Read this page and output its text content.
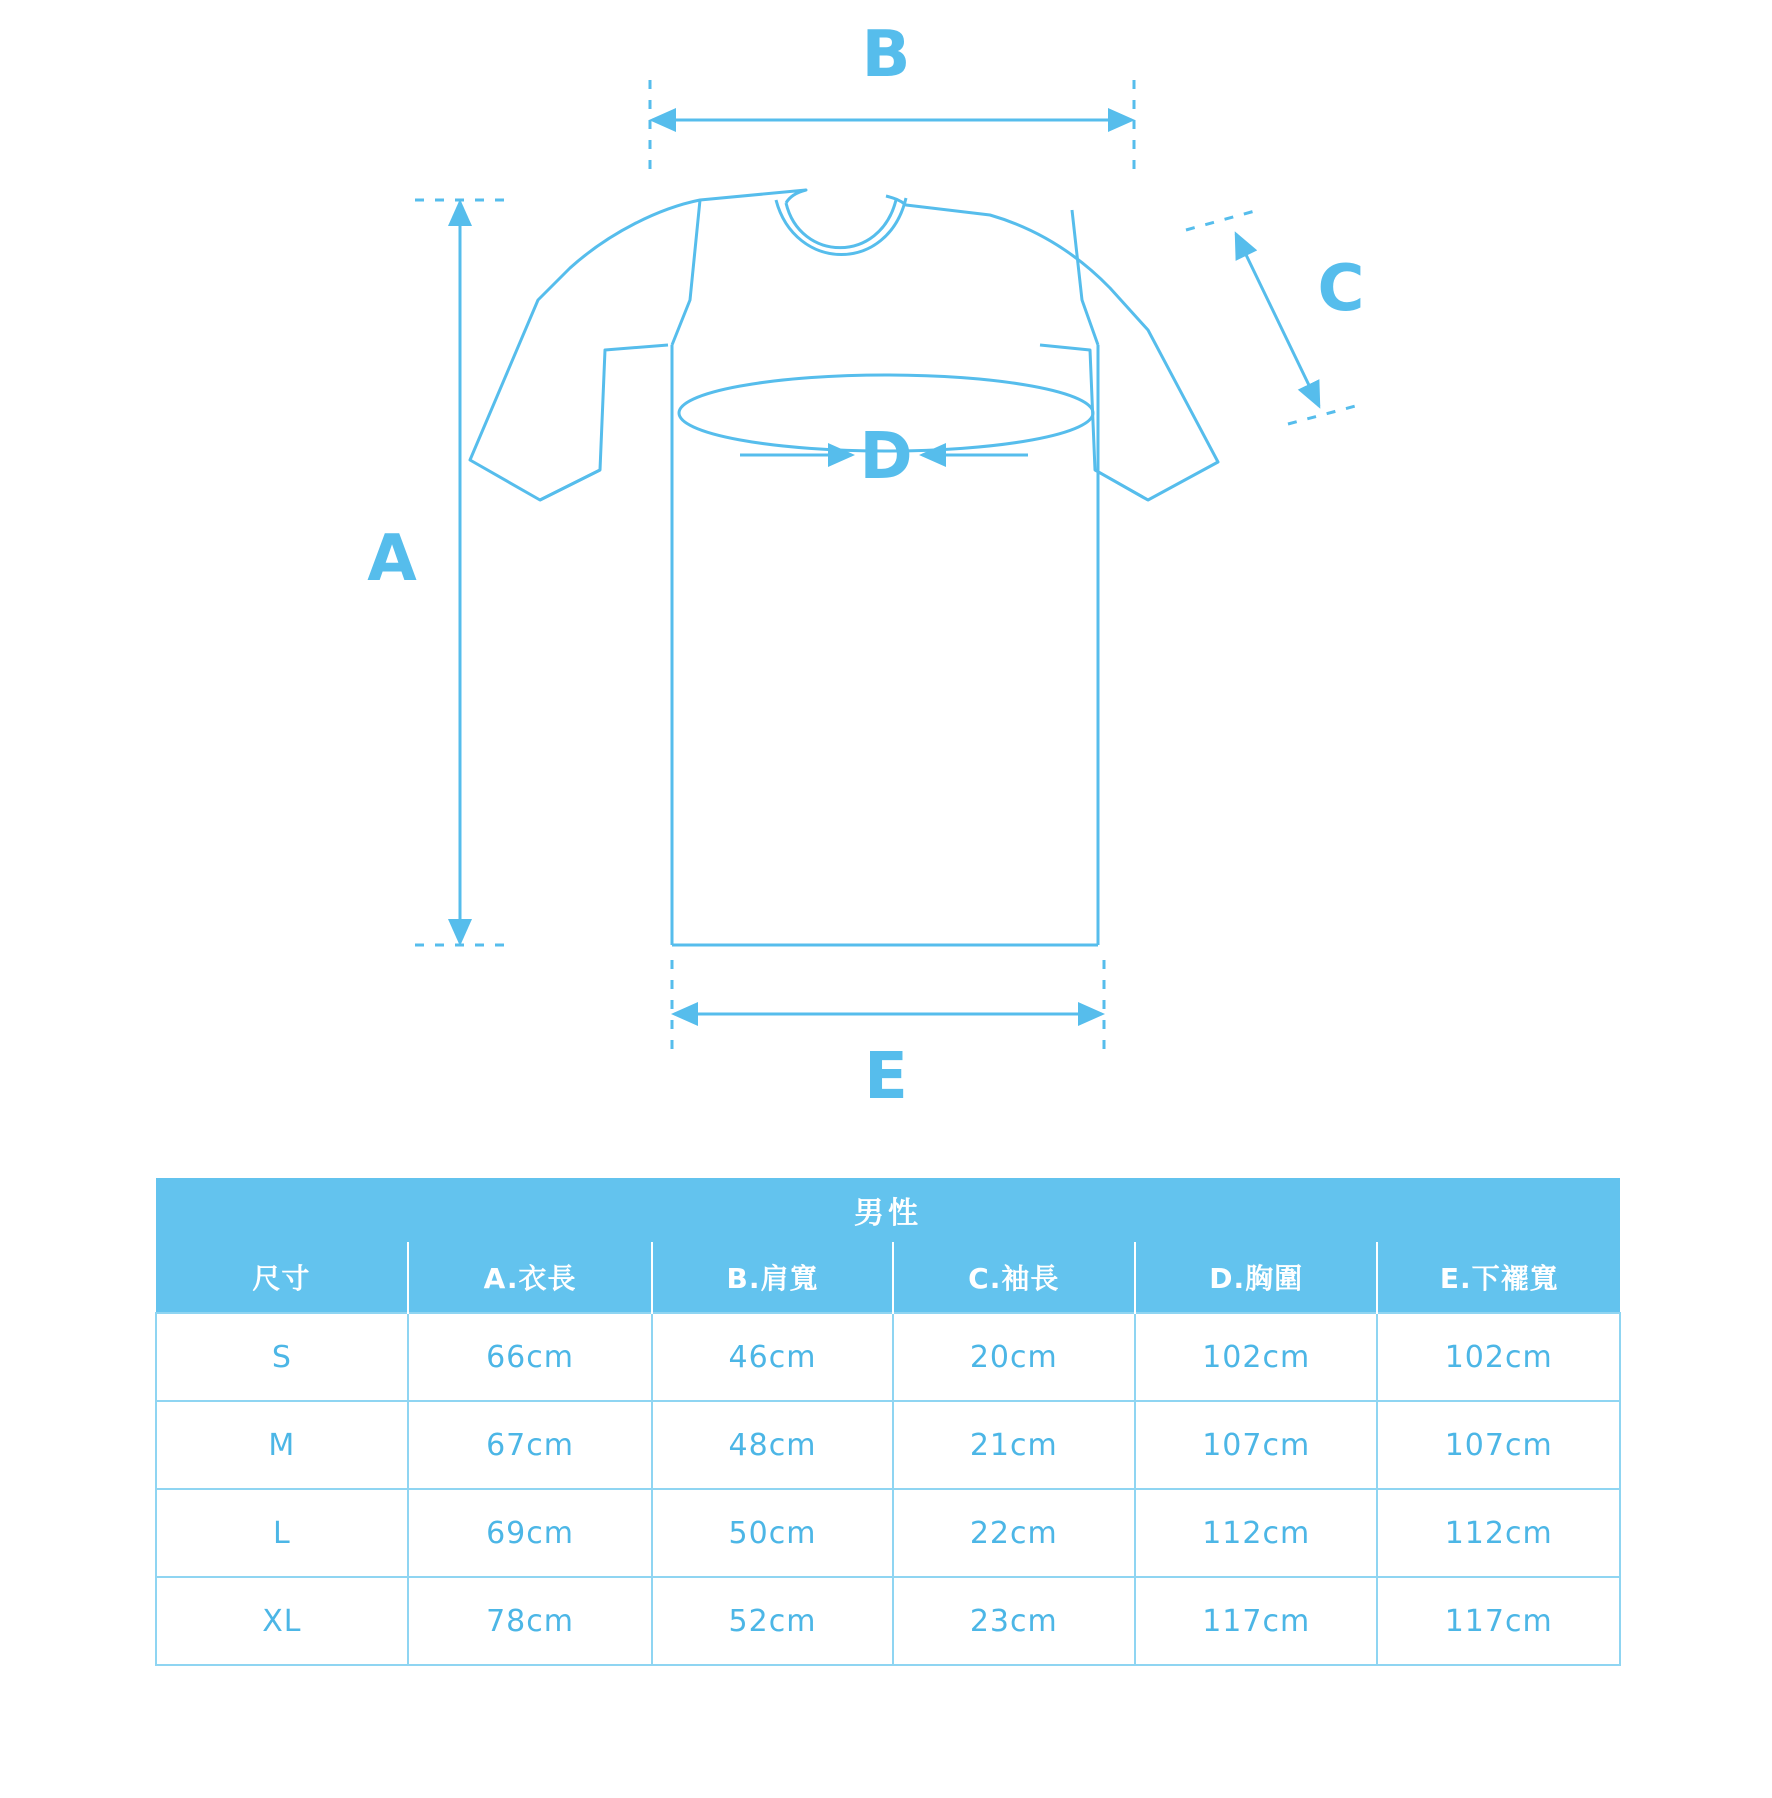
B
A
C
D
E
男性					
尺寸	A.衣長	B.肩寬	C.袖長	D.胸圍	E.下襬寬
S	66cm	46cm	20cm	102cm	102cm
M	67cm	48cm	21cm	107cm	107cm
L	69cm	50cm	22cm	112cm	112cm
XL	78cm	52cm	23cm	117cm	117cm
